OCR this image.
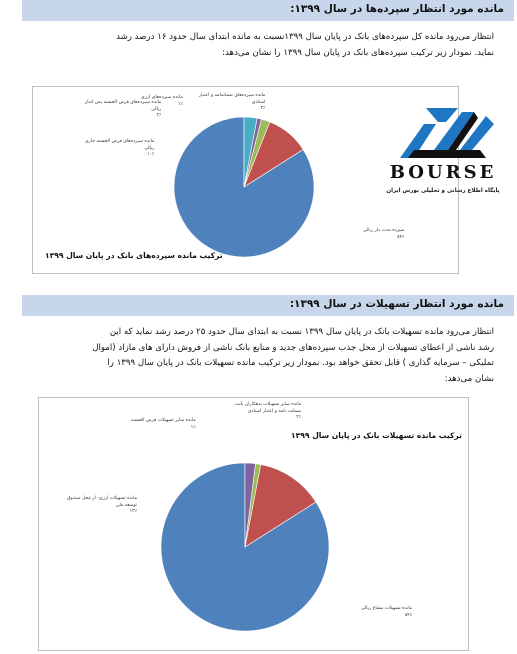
مانده مورد انتظار سپرده‌ها در سال ۱۳۹۹:
انتظار می‌رود مانده کل سپرده‌های بانک در پایان سال ۱۳۹۹نسبت به مانده ابتدای سال حدود ۱۶ درصد رشد
نماید. نمودار زیر ترکیب سپرده‌های بانک در پایان سال ۱۳۹۹ را نشان می‌دهد:
مانده سپرده‌های ارزی
۱٪
مانده سپرده‌های ضمانتنامه و اعتبار
اسنادی
۳٪
مانده سپرده‌های قرض الحسنه پس انداز
ریالی
۲٪
مانده سپرده‌های قرض الحسنه جاری
ریالی
۱۰٪
سپرده مدت دار ریالی
۸۴٪
ترکیب مانده سپرده‌های بانک در پایان سال ۱۳۹۹
BOURSE
پایگاه اطلاع رسانی و تحلیلی بورس ایران
مانده مورد انتظار تسهیلات در سال ۱۳۹۹:
انتظار می‌رود مانده تسهیلات بانک در پایان سال ۱۳۹۹ نسبت به ابتدای سال حدود ۲۵ درصد رشد نماید که این
رشد ناشی از اعطای تسهیلات از محل جذب سپرده‌های جدید و منابع بانک ناشی از فروش دارای های مازاد (اموال
تملیکی – سرمایه گذاری ) قابل تحقق خواهد بود. نمودار زیر ترکیب مانده تسهیلات بانک در پایان سال ۱۳۹۹ را
نشان می‌دهد:
مانده سایر تسهیلات قرض الحسنه
۱٪
مانده سایر تسهیلات بدهکاران بابت
ضمانت نامه و اعتبار اسنادی
۲٪
مانده تسهیلات ارزی- از محل صندوق
توسعه ملی
۱۳٪
مانده تسهیلات مشاع ریالی
۸۴٪
ترکیب مانده تسهیلات بانک در پایان سال ۱۳۹۹
